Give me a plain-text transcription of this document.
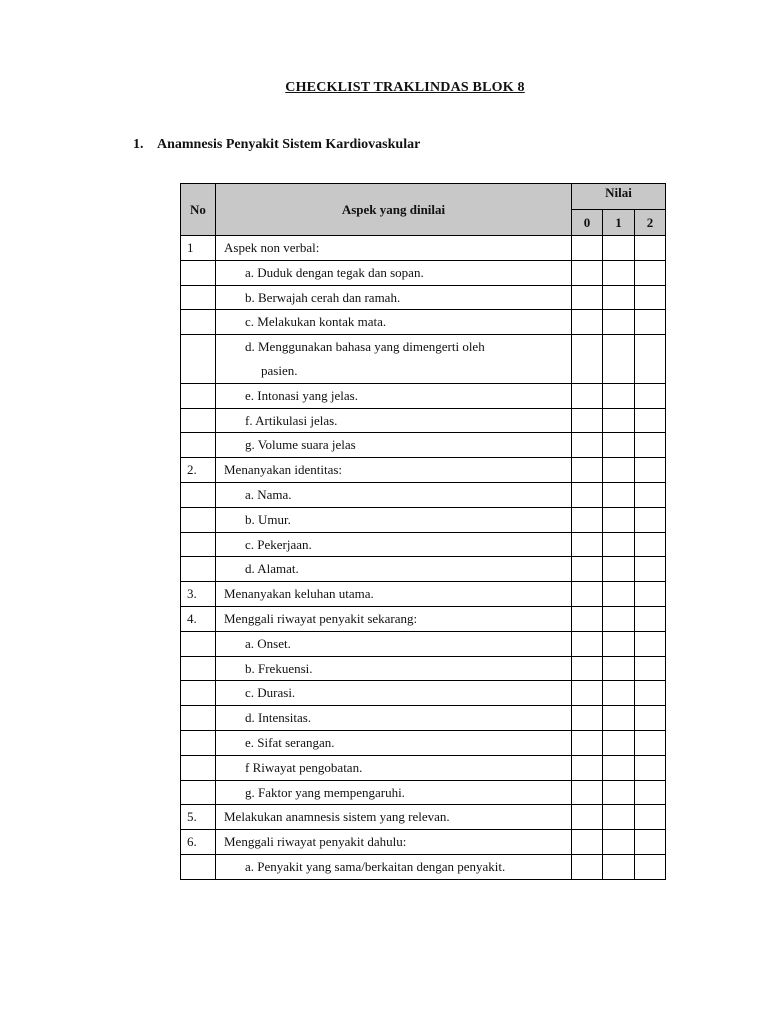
CHECKLIST TRAKLINDAS BLOK 8
1. Anamnesis Penyakit Sistem Kardiovaskular
No	Aspek yang dinilai	Nilai		
		0	1	2
1	Aspek non verbal:			
	a. Duduk dengan tegak dan sopan.			
	b. Berwajah cerah dan ramah.			
	c. Melakukan kontak mata.			
	d. Menggunakan bahasa yang dimengerti oleh
pasien.			

	e. Intonasi yang jelas.			
	f. Artikulasi jelas.			
	g. Volume suara jelas			
2.	Menanyakan identitas:			
	a. Nama.			
	b. Umur.			
	c. Pekerjaan.			
	d. Alamat.			
3.	Menanyakan keluhan utama.			
4.	Menggali riwayat penyakit sekarang:			
	a. Onset.			
	b. Frekuensi.			
	c. Durasi.			
	d. Intensitas.			
	e. Sifat serangan.			
	f Riwayat pengobatan.			
	g. Faktor yang mempengaruhi.			
5.	Melakukan anamnesis sistem yang relevan.			
6.	Menggali riwayat penyakit dahulu:			
	a. Penyakit yang sama/berkaitan dengan penyakit.			
